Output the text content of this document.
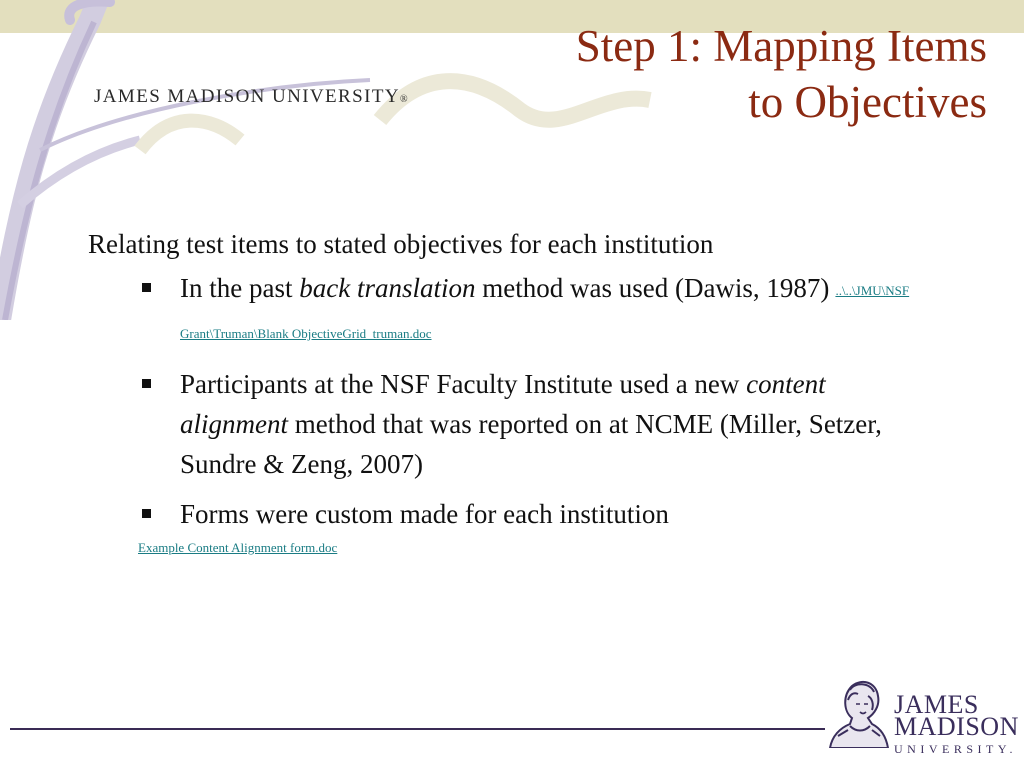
JAMES MADISON UNIVERSITY®
Step 1: Mapping Items
to Objectives

Relating test items to stated objectives for each institution

In the past back translation method was used (Dawis, 1987) ..\..\JMU\NSF Grant\Truman\Blank ObjectiveGrid_truman.doc
Participants at the NSF Faculty Institute used a new content alignment method that was reported on at NCME (Miller, Setzer, Sundre & Zeng, 2007)
Forms were custom made for each institution
Example Content Alignment form.doc
JAMES
MADISON
UNIVERSITY.
